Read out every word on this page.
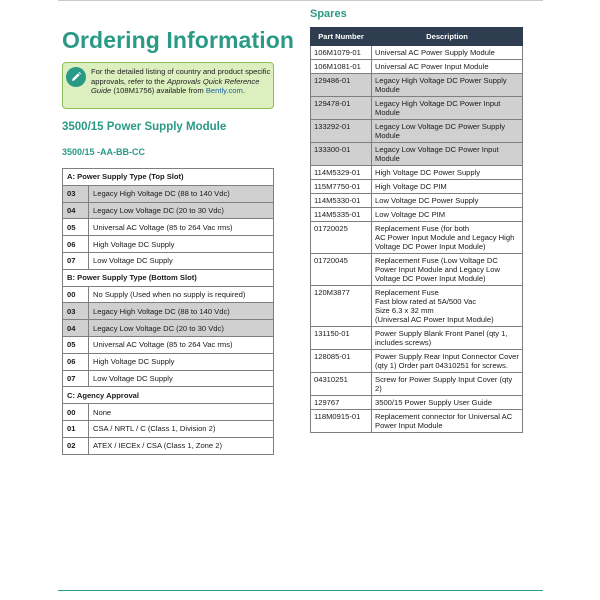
Ordering Information
For the detailed listing of country and product specific approvals, refer to the Approvals Quick Reference Guide (108M1756) available from Bently.com.
3500/15 Power Supply Module
3500/15 -AA-BB-CC
A: Power Supply Type (Top Slot)	
03	Legacy High Voltage DC (88 to 140 Vdc)
04	Legacy Low Voltage DC (20 to 30 Vdc)
05	Universal AC Voltage (85 to 264 Vac rms)
06	High Voltage DC Supply
07	Low Voltage DC Supply
B: Power Supply Type (Bottom Slot)	
00	No Supply (Used when no supply is required)
03	Legacy High Voltage DC (88 to 140 Vdc)
04	Legacy Low Voltage DC (20 to 30 Vdc)
05	Universal AC Voltage (85 to 264 Vac rms)
06	High Voltage DC Supply
07	Low Voltage DC Supply
C: Agency Approval	
00	None
01	CSA / NRTL / C (Class 1, Division 2)
02	ATEX / IECEx / CSA (Class 1, Zone 2)
Spares
Part Number	Description
106M1079-01	Universal AC Power Supply Module
106M1081-01	Universal AC Power Input Module
129486-01	Legacy High Voltage DC Power Supply Module
129478-01	Legacy High Voltage DC Power Input Module
133292-01	Legacy Low Voltage DC Power Supply Module
133300-01	Legacy Low Voltage DC Power Input Module
114M5329-01	High Voltage DC Power Supply
115M7750-01	High Voltage DC PIM
114M5330-01	Low Voltage DC Power Supply
114M5335-01	Low Voltage DC PIM
01720025	Replacement Fuse (for both
AC Power Input Module and Legacy High Voltage DC Power Input Module)
01720045	Replacement Fuse (Low Voltage DC Power Input Module and Legacy Low Voltage DC Power Input Module)
120M3877	Replacement Fuse
Fast blow rated at 5A/500 Vac
Size 6.3 x 32 mm
(Universal AC Power Input Module)
131150-01	Power Supply Blank Front Panel (qty 1, includes screws)
128085-01	Power Supply Rear Input Connector Cover (qty 1) Order part 04310251 for screws.
04310251	Screw for Power Supply Input Cover (qty 2)
129767	3500/15 Power Supply User Guide
118M0915-01	Replacement connector for Universal AC Power Input Module
